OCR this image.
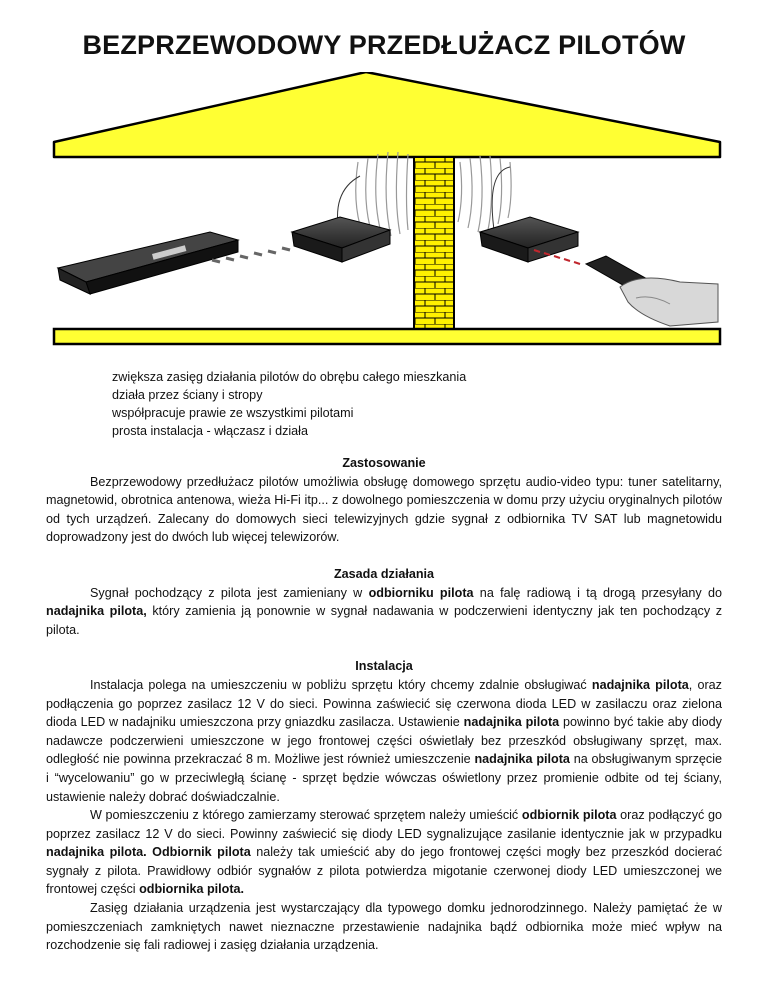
BEZPRZEWODOWY PRZEDŁUŻACZ PILOTÓW
zwiększa zasięg działania pilotów do obrębu całego mieszkania
działa przez ściany i stropy
współpracuje prawie ze wszystkimi pilotami
prosta instalacja - włączasz i działa
Zastosowanie

Bezprzewodowy przedłużacz pilotów umożliwia obsługę domowego sprzętu audio-video typu: tuner satelitarny, magnetowid, obrotnica antenowa, wieża Hi-Fi itp... z dowolnego pomieszczenia w domu przy użyciu oryginalnych pilotów od tych urządzeń. Zalecany do domowych sieci telewizyjnych gdzie sygnał z odbiornika TV SAT lub magnetowidu doprowadzony jest do dwóch lub więcej telewizorów.

Zasada działania

Sygnał pochodzący z pilota jest zamieniany w odbiorniku pilota na falę radiową i tą drogą przesyłany do nadajnika pilota, który zamienia ją ponownie w sygnał nadawania w podczerwieni identyczny jak ten pochodzący z pilota.

Instalacja

Instalacja polega na umieszczeniu w pobliżu sprzętu który chcemy zdalnie obsługiwać nadajnika pilota, oraz podłączenia go poprzez zasilacz 12 V do sieci. Powinna zaświecić się czerwona dioda LED w zasilaczu oraz zielona dioda LED w nadajniku umieszczona przy gniazdku zasilacza. Ustawienie nadajnika pilota powinno być takie aby diody nadawcze podczerwieni umieszczone w jego frontowej części oświetlały bez przeszkód obsługiwany sprzęt, max. odległość nie powinna przekraczać 8 m. Możliwe jest również umieszczenie nadajnika pilota na obsługiwanym sprzęcie i “wycelowaniu” go w przeciwległą ścianę - sprzęt będzie wówczas oświetlony przez promienie odbite od tej ściany, ustawienie należy dobrać doświadczalnie.

W pomieszczeniu z którego zamierzamy sterować sprzętem należy umieścić odbiornik pilota oraz podłączyć go poprzez zasilacz 12 V do sieci. Powinny zaświecić się diody LED sygnalizujące zasilanie identycznie jak w przypadku nadajnika pilota. Odbiornik pilota należy tak umieścić aby do jego frontowej części mogły bez przeszkód docierać sygnały z pilota. Prawidłowy odbiór sygnałów z pilota potwierdza migotanie czerwonej diody LED umieszczonej we frontowej części odbiornika pilota.

Zasięg działania urządzenia jest wystarczający dla typowego domku jednorodzinnego. Należy pamiętać że w pomieszczeniach zamkniętych nawet nieznaczne przestawienie nadajnika bądź odbiornika może mieć wpływ na rozchodzenie się fali radiowej i zasięg działania urządzenia.
